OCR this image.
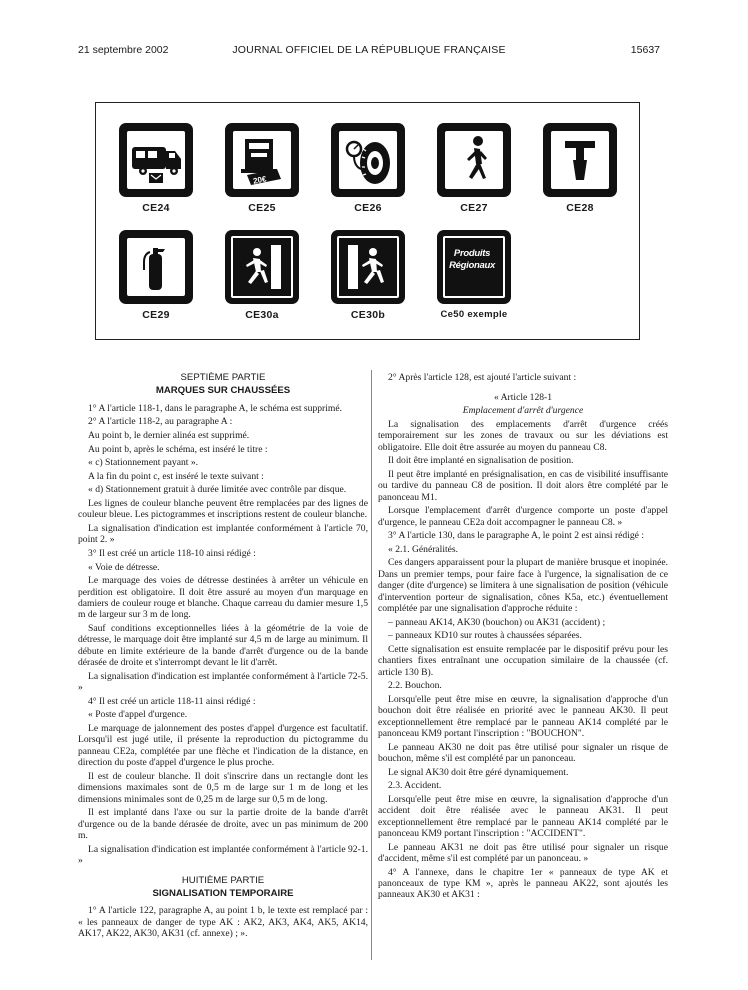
21 septembre 2002	JOURNAL OFFICIEL DE LA RÉPUBLIQUE FRANÇAISE	15637
CE24
20€
CE25	CE26	CE27	CE28
CE29	CE30a	CE30b
Produits
Régionaux
Ce50 exemple

SEPTIÈME PARTIE

MARQUES SUR CHAUSSÉES

1° A l'article 118-1, dans le paragraphe A, le schéma est supprimé.

2° A l'article 118-2, au paragraphe A :

Au point b, le dernier alinéa est supprimé.

Au point b, après le schéma, est inséré le titre :

« c) Stationnement payant ».

A la fin du point c, est inséré le texte suivant :

« d) Stationnement gratuit à durée limitée avec contrôle par disque.

Les lignes de couleur blanche peuvent être remplacées par des lignes de couleur bleue. Les pictogrammes et inscriptions restent de couleur blanche.

La signalisation d'indication est implantée conformément à l'article 70, point 2. »

3° Il est créé un article 118-10 ainsi rédigé :

« Voie de détresse.

Le marquage des voies de détresse destinées à arrêter un véhicule en perdition est obligatoire. Il doit être assuré au moyen d'un marquage en damiers de couleur rouge et blanche. Chaque carreau du damier mesure 1,5 m de largeur sur 3 m de long.

Sauf conditions exceptionnelles liées à la géométrie de la voie de détresse, le marquage doit être implanté sur 4,5 m de large au minimum. Il débute en limite extérieure de la bande d'arrêt d'urgence ou de la bande dérasée de droite et s'interrompt devant le lit d'arrêt.

La signalisation d'indication est implantée conformément à l'article 72-5. »

4° Il est créé un article 118-11 ainsi rédigé :

« Poste d'appel d'urgence.

Le marquage de jalonnement des postes d'appel d'urgence est facultatif. Lorsqu'il est jugé utile, il présente la reproduction du pictogramme du panneau CE2a, complétée par une flèche et l'indication de la distance, en direction du poste d'appel d'urgence le plus proche.

Il est de couleur blanche. Il doit s'inscrire dans un rectangle dont les dimensions maximales sont de 0,5 m de large sur 1 m de long et les dimensions minimales sont de 0,25 m de large sur 0,5 m de long.

Il est implanté dans l'axe ou sur la partie droite de la bande d'arrêt d'urgence ou de la bande dérasée de droite, avec un pas minimum de 200 m.

La signalisation d'indication est implantée conformément à l'article 92-1. »

HUITIÈME PARTIE

SIGNALISATION TEMPORAIRE

1° A l'article 122, paragraphe A, au point 1 b, le texte est remplacé par : « les panneaux de danger de type AK : AK2, AK3, AK4, AK5, AK14, AK17, AK22, AK30, AK31 (cf. annexe) ; ».

2° Après l'article 128, est ajouté l'article suivant :

« Article 128-1

Emplacement d'arrêt d'urgence

La signalisation des emplacements d'arrêt d'urgence créés temporairement sur les zones de travaux ou sur les déviations est obligatoire. Elle doit être assurée au moyen du panneau C8.

Il doit être implanté en signalisation de position.

Il peut être implanté en présignalisation, en cas de visibilité insuffisante ou tardive du panneau C8 de position. Il doit alors être complété par le panonceau M1.

Lorsque l'emplacement d'arrêt d'urgence comporte un poste d'appel d'urgence, le panneau CE2a doit accompagner le panneau C8. »

3° A l'article 130, dans le paragraphe A, le point 2 est ainsi rédigé :

« 2.1. Généralités.

Ces dangers apparaissent pour la plupart de manière brusque et inopinée. Dans un premier temps, pour faire face à l'urgence, la signalisation de ce danger (dite d'urgence) se limitera à une signalisation de position (véhicule d'intervention porteur de signalisation, cônes K5a, etc.) éventuellement complétée par une signalisation d'approche réduite :

– panneau AK14, AK30 (bouchon) ou AK31 (accident) ;

– panneaux KD10 sur routes à chaussées séparées.

Cette signalisation est ensuite remplacée par le dispositif prévu pour les chantiers fixes entraînant une occupation similaire de la chaussée (cf. article 130 B).

2.2. Bouchon.

Lorsqu'elle peut être mise en œuvre, la signalisation d'approche d'un bouchon doit être réalisée en priorité avec le panneau AK30. Il peut exceptionnellement être remplacé par le panneau AK14 complété par le panonceau KM9 portant l'inscription : "BOUCHON".

Le panneau AK30 ne doit pas être utilisé pour signaler un risque de bouchon, même s'il est complété par un panonceau.

Le signal AK30 doit être géré dynamiquement.

2.3. Accident.

Lorsqu'elle peut être mise en œuvre, la signalisation d'approche d'un accident doit être réalisée avec le panneau AK31. Il peut exceptionnellement être remplacé par le panneau AK14 complété par le panonceau KM9 portant l'inscription : "ACCIDENT".

Le panneau AK31 ne doit pas être utilisé pour signaler un risque d'accident, même s'il est complété par un panonceau. »

4° A l'annexe, dans le chapitre 1er « panneaux de type AK et panonceaux de type KM », après le panneau AK22, sont ajoutés les panneaux AK30 et AK31 :
